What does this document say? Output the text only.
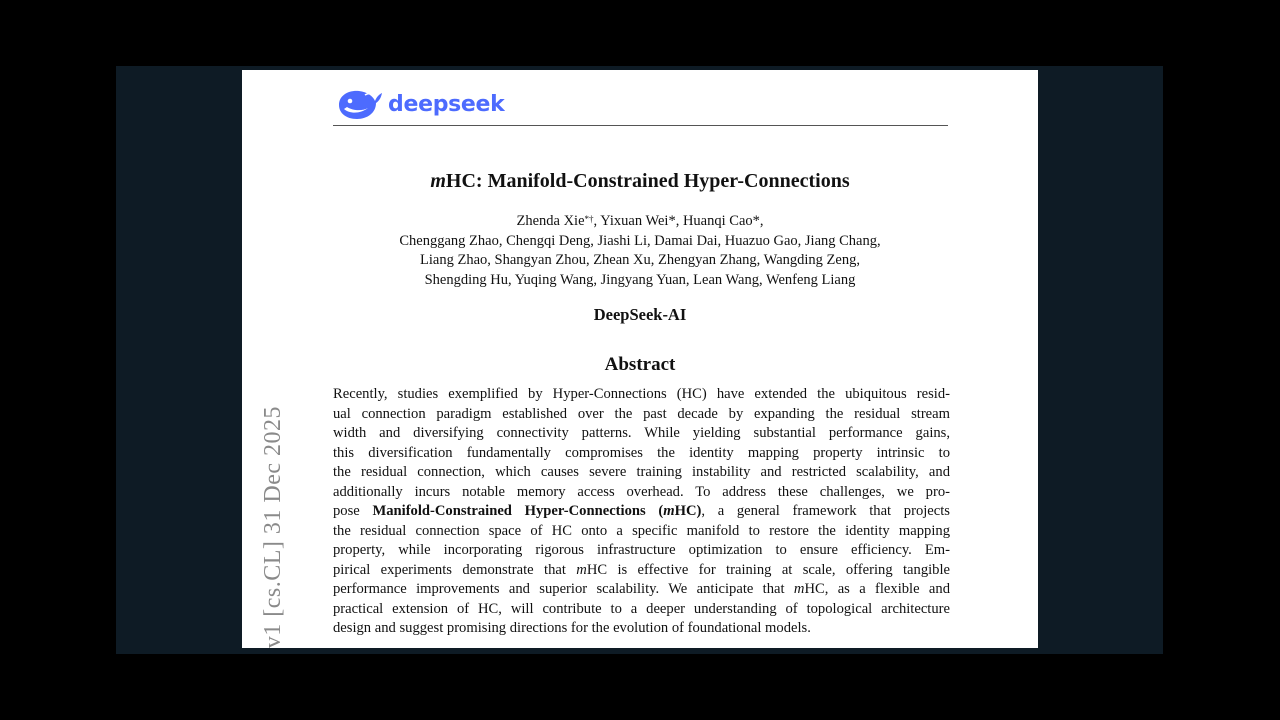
deepseek
mHC: Manifold-Constrained Hyper-Connections
Zhenda Xie*†, Yixuan Wei*, Huanqi Cao*,
Chenggang Zhao, Chengqi Deng, Jiashi Li, Damai Dai, Huazuo Gao, Jiang Chang,
Liang Zhao, Shangyan Zhou, Zhean Xu, Zhengyan Zhang, Wangding Zeng,
Shengding Hu, Yuqing Wang, Jingyang Yuan, Lean Wang, Wenfeng Liang
DeepSeek-AI
Abstract
Recently, studies exemplified by Hyper-Connections (HC) have extended the ubiquitous resid-
ual connection paradigm established over the past decade by expanding the residual stream
width and diversifying connectivity patterns. While yielding substantial performance gains,
this diversification fundamentally compromises the identity mapping property intrinsic to
the residual connection, which causes severe training instability and restricted scalability, and
additionally incurs notable memory access overhead. To address these challenges, we pro-
pose Manifold-Constrained Hyper-Connections (mHC), a general framework that projects
the residual connection space of HC onto a specific manifold to restore the identity mapping
property, while incorporating rigorous infrastructure optimization to ensure efficiency. Em-
pirical experiments demonstrate that mHC is effective for training at scale, offering tangible
performance improvements and superior scalability. We anticipate that mHC, as a flexible and
practical extension of HC, will contribute to a deeper understanding of topological architecture
design and suggest promising directions for the evolution of foundational models.
v1 [cs.CL] 31 Dec 2025
